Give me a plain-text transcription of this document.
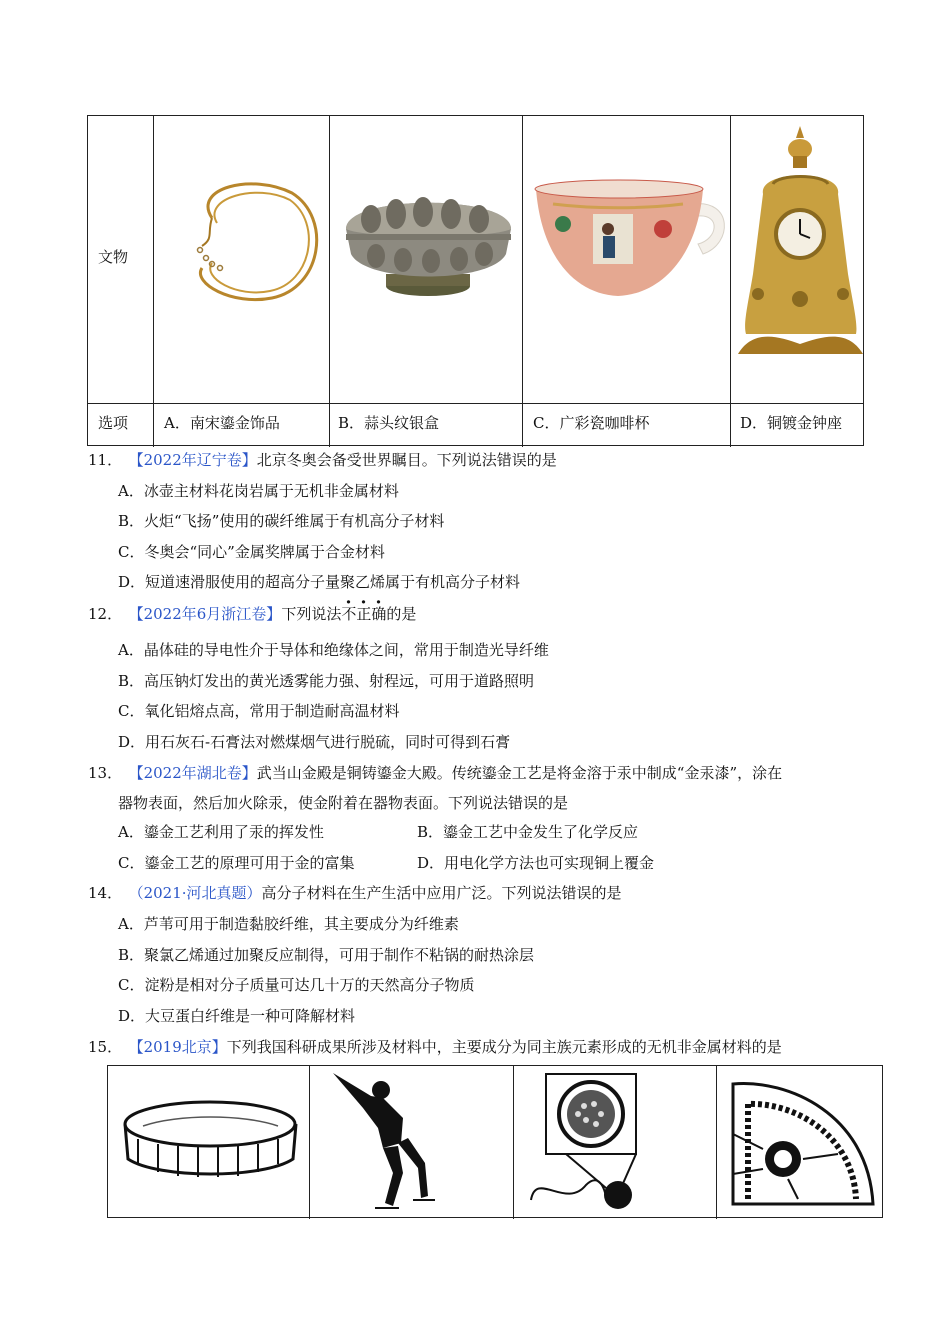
文物
选项 A．南宋鎏金饰品	B．蒜头纹银盒	C．广彩瓷咖啡杯	D．铜镀金钟座
11． 【2022年辽宁卷】北京冬奥会备受世界瞩目。下列说法错误的是
A．冰壶主材料花岗岩属于无机非金属材料
B．火炬“飞扬”使用的碳纤维属于有机高分子材料
C．冬奥会“同心”金属奖牌属于合金材料
D．短道速滑服使用的超高分子量聚乙烯属于有机高分子材料
12． 【2022年6月浙江卷】下列说法不正确的是
A．晶体硅的导电性介于导体和绝缘体之间，常用于制造光导纤维
B．高压钠灯发出的黄光透雾能力强、射程远，可用于道路照明
C．氧化铝熔点高，常用于制造耐高温材料
D．用石灰石-石膏法对燃煤烟气进行脱硫，同时可得到石膏
13． 【2022年湖北卷】武当山金殿是铜铸鎏金大殿。传统鎏金工艺是将金溶于汞中制成“金汞漆”，涂在
器物表面，然后加火除汞，使金附着在器物表面。下列说法错误的是
A．鎏金工艺利用了汞的挥发性	B．鎏金工艺中金发生了化学反应
C．鎏金工艺的原理可用于金的富集	D．用电化学方法也可实现铜上覆金
14． （2021·河北真题）高分子材料在生产生活中应用广泛。下列说法错误的是
A．芦苇可用于制造黏胶纤维，其主要成分为纤维素
B．聚氯乙烯通过加聚反应制得，可用于制作不粘锅的耐热涂层
C．淀粉是相对分子质量可达几十万的天然高分子物质
D．大豆蛋白纤维是一种可降解材料
15． 【2019北京】下列我国科研成果所涉及材料中，主要成分为同主族元素形成的无机非金属材料的是
